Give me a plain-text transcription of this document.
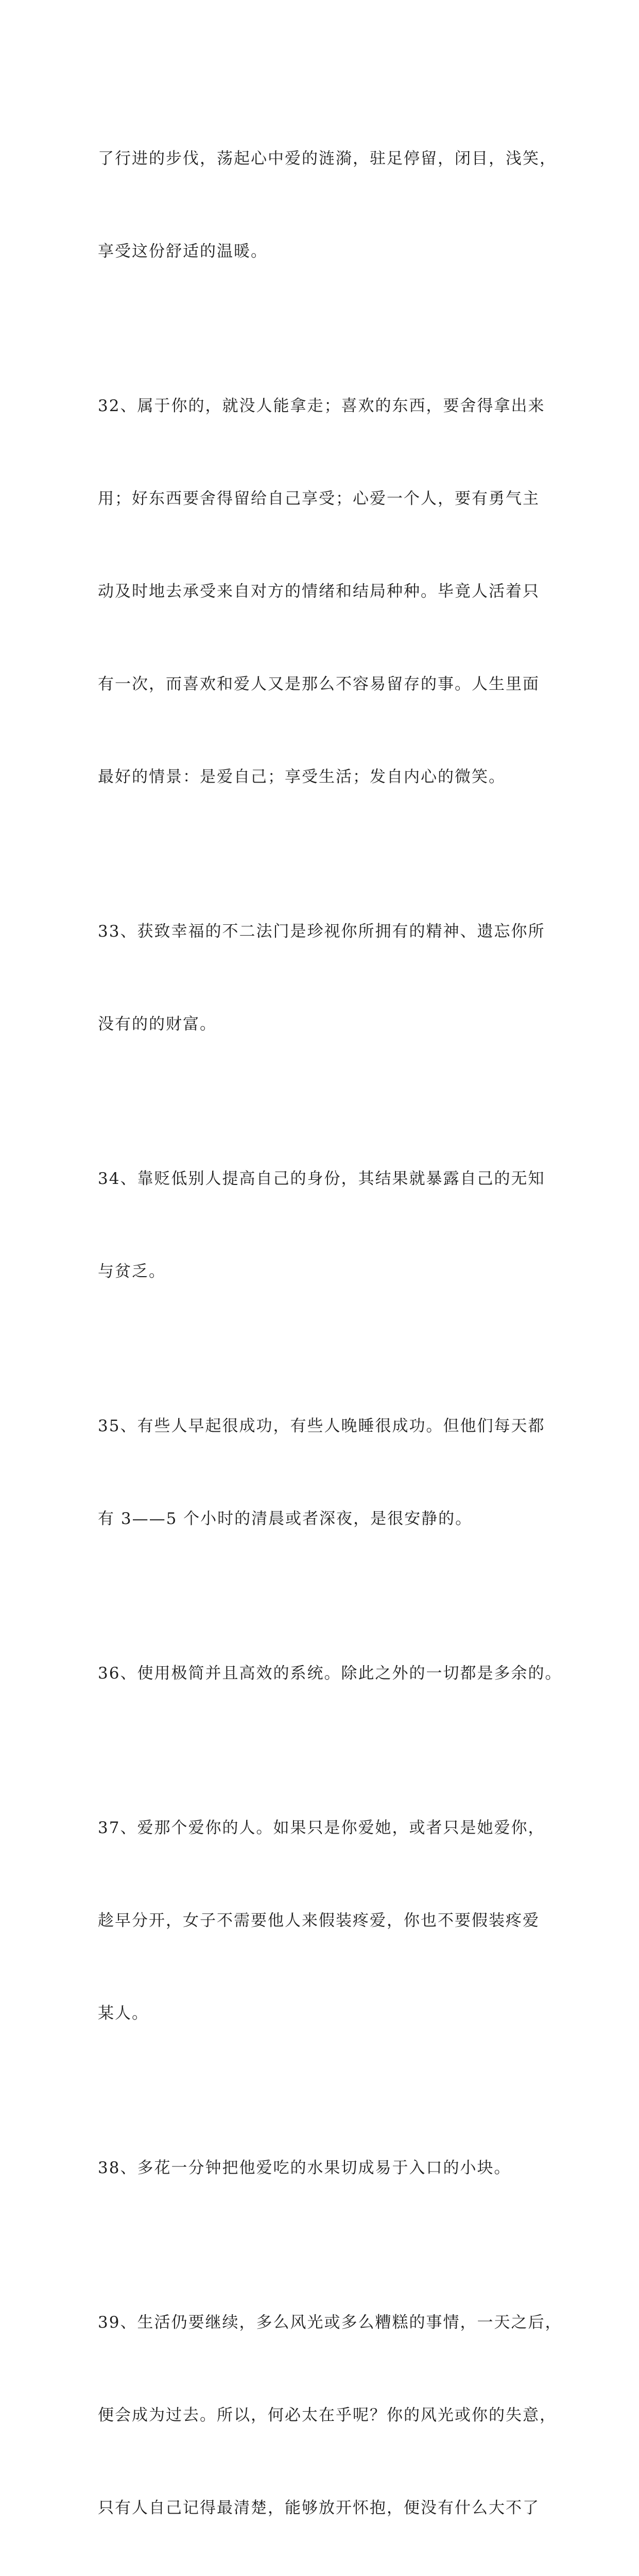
了行进的步伐，荡起心中爱的涟漪，驻足停留，闭目，浅笑，

享受这份舒适的温暖。

32、属于你的，就没人能拿走；喜欢的东西，要舍得拿出来

用；好东西要舍得留给自己享受；心爱一个人，要有勇气主

动及时地去承受来自对方的情绪和结局种种。毕竟人活着只

有一次，而喜欢和爱人又是那么不容易留存的事。人生里面

最好的情景：是爱自己；享受生活；发自内心的微笑。

33、获致幸福的不二法门是珍视你所拥有的精神、遗忘你所

没有的的财富。

34、靠贬低别人提高自己的身份，其结果就暴露自己的无知

与贫乏。

35、有些人早起很成功，有些人晚睡很成功。但他们每天都

有 3——5 个小时的清晨或者深夜，是很安静的。

36、使用极简并且高效的系统。除此之外的一切都是多余的。

37、爱那个爱你的人。如果只是你爱她，或者只是她爱你，

趁早分开，女子不需要他人来假装疼爱，你也不要假装疼爱

某人。

38、多花一分钟把他爱吃的水果切成易于入口的小块。

39、生活仍要继续，多么风光或多么糟糕的事情，一天之后，

便会成为过去。所以，何必太在乎呢？你的风光或你的失意，

只有人自己记得最清楚，能够放开怀抱，便没有什么大不了
